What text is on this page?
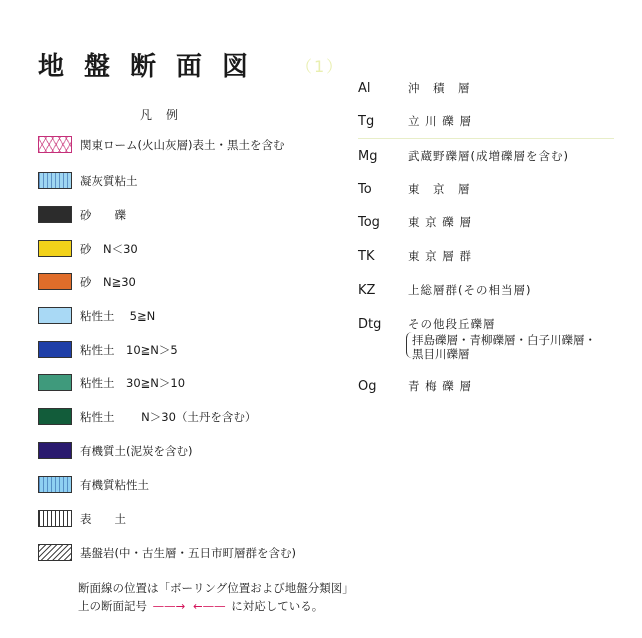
地盤断面図 （1）
凡例
関東ローム(火山灰層)表土・黒土を含む
凝灰質粘土
砂　　礫
砂　N＜30
砂　N≧30
粘性土　 5≧N
粘性土　10≧N＞5
粘性土　30≧N＞10
粘性土　　 N＞30（土丹を含む）
有機質土(泥炭を含む)
有機質粘性土
表　　土
基盤岩(中・古生層・五日市町層群を含む)
Al	沖　積　層
Tg	立 川 礫 層
Mg	武蔵野礫層(成増礫層を含む)
To	東　京　層
Tog	東 京 礫 層
TK	東 京 層 群
KZ	上総層群(その相当層)
Dtg	その他段丘礫層
拝島礫層・青柳礫層・白子川礫層・
黒目川礫層
Og	青 梅 礫 層
断面線の位置は「ボーリング位置および地盤分類図」
上の断面記号 ——→ ←—— に対応している。
